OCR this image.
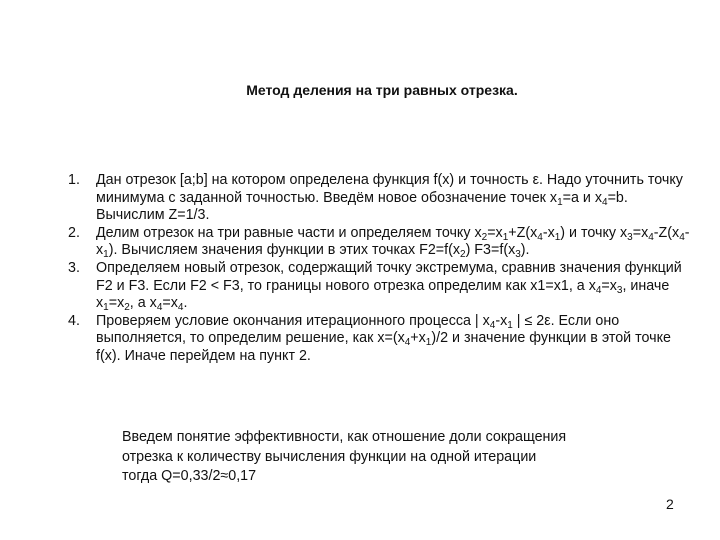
Метод деления на три равных отрезка.
1.	Дан отрезок [a;b] на котором определена функция f(x) и точность ε. Надо уточнить точку минимума с заданной точностью. Введём новое обозначение точек $x_1=a$ и $x_4=b$. Вычислим Z=1/3.
2.	Делим отрезок на три равные части и определяем точку $x_2=x_1+Z(x_4-x_1)$ и точку $x_3=x_4-Z(x_4-x_1)$. Вычисляем значения функции в этих точках $F2=f(x_2)$ $F3=f(x_3)$.
3.	Определяем новый отрезок, содержащий точку экстремума, сравнив значения функций F2 и F3. Если F2 < F3, то границы нового отрезка определим как x1=x1, а $x_4=x_3$, иначе $x_1=x_2$, а $x_4=x_4$.
4.	Проверяем условие окончания итерационного процесса | $x_4-x_1$ | ≤ 2ε. Если оно выполняется, то определим решение, как $x=(x_4+x_1)/2$ и значение функции в этой точке f(x). Иначе перейдем на пункт 2.
Введем понятие эффективности, как отношение доли сокращения
отрезка к количеству вычисления функции на одной итерации
тогда Q=0,33/2≈0,17
2
